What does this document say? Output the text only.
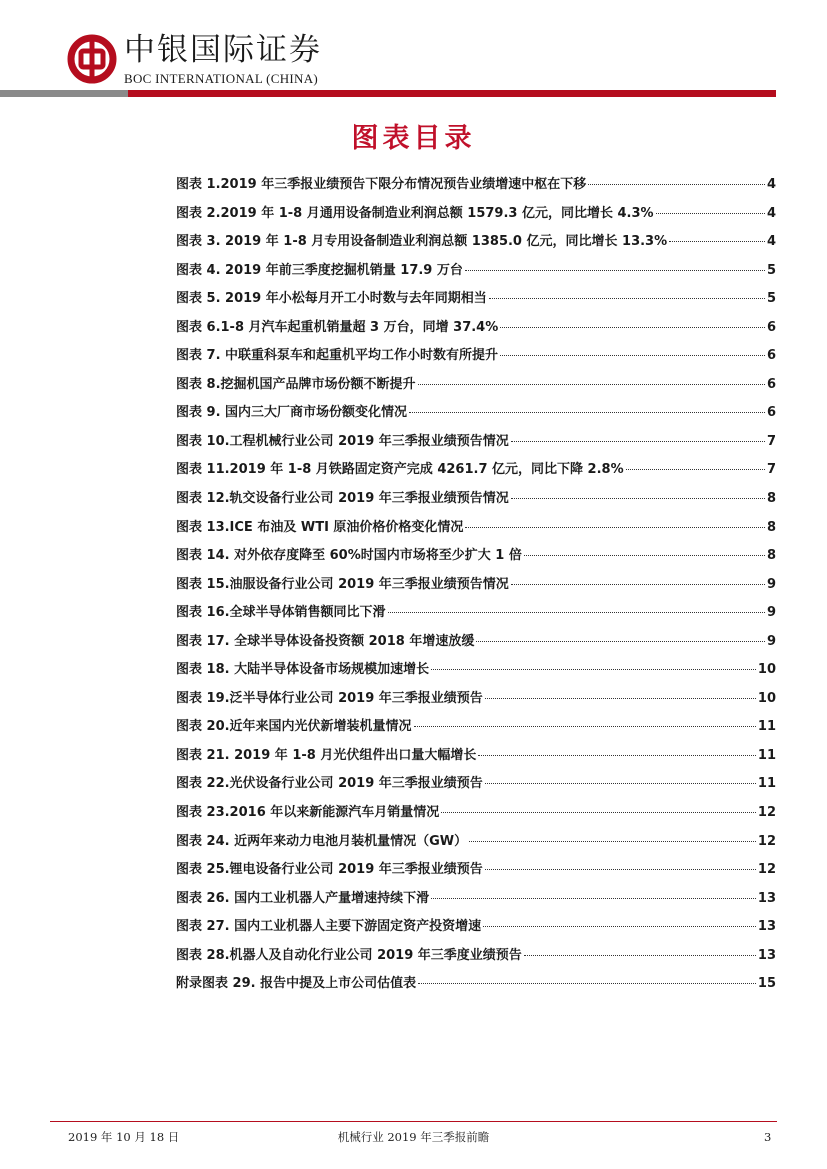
中银国际证券
BOC INTERNATIONAL (CHINA)
图表目录
图表 1.2019 年三季报业绩预告下限分布情况预告业绩增速中枢在下移	4
图表 2.2019 年 1-8 月通用设备制造业利润总额 1579.3 亿元，同比增长 4.3%	4
图表 3. 2019 年 1-8 月专用设备制造业利润总额 1385.0 亿元，同比增长 13.3%	4
图表 4. 2019 年前三季度挖掘机销量 17.9 万台	5
图表 5. 2019 年小松每月开工小时数与去年同期相当	5
图表 6.1-8 月汽车起重机销量超 3 万台，同增 37.4%	6
图表 7. 中联重科泵车和起重机平均工作小时数有所提升	6
图表 8.挖掘机国产品牌市场份额不断提升	6
图表 9. 国内三大厂商市场份额变化情况	6
图表 10.工程机械行业公司 2019 年三季报业绩预告情况	7
图表 11.2019 年 1-8 月铁路固定资产完成 4261.7 亿元，同比下降 2.8%	7
图表 12.轨交设备行业公司 2019 年三季报业绩预告情况	8
图表 13.ICE 布油及 WTI 原油价格价格变化情况	8
图表 14. 对外依存度降至 60%时国内市场将至少扩大 1 倍	8
图表 15.油服设备行业公司 2019 年三季报业绩预告情况	9
图表 16.全球半导体销售额同比下滑	9
图表 17. 全球半导体设备投资额 2018 年增速放缓	9
图表 18. 大陆半导体设备市场规模加速增长	10
图表 19.泛半导体行业公司 2019 年三季报业绩预告	10
图表 20.近年来国内光伏新增装机量情况	11
图表 21. 2019 年 1-8 月光伏组件出口量大幅增长	11
图表 22.光伏设备行业公司 2019 年三季报业绩预告	11
图表 23.2016 年以来新能源汽车月销量情况	12
图表 24. 近两年来动力电池月装机量情况（GW）	12
图表 25.锂电设备行业公司 2019 年三季报业绩预告	12
图表 26. 国内工业机器人产量增速持续下滑	13
图表 27. 国内工业机器人主要下游固定资产投资增速	13
图表 28.机器人及自动化行业公司 2019 年三季度业绩预告	13
附录图表 29. 报告中提及上市公司估值表	15
2019 年 10 月 18 日	机械行业 2019 年三季报前瞻	3
